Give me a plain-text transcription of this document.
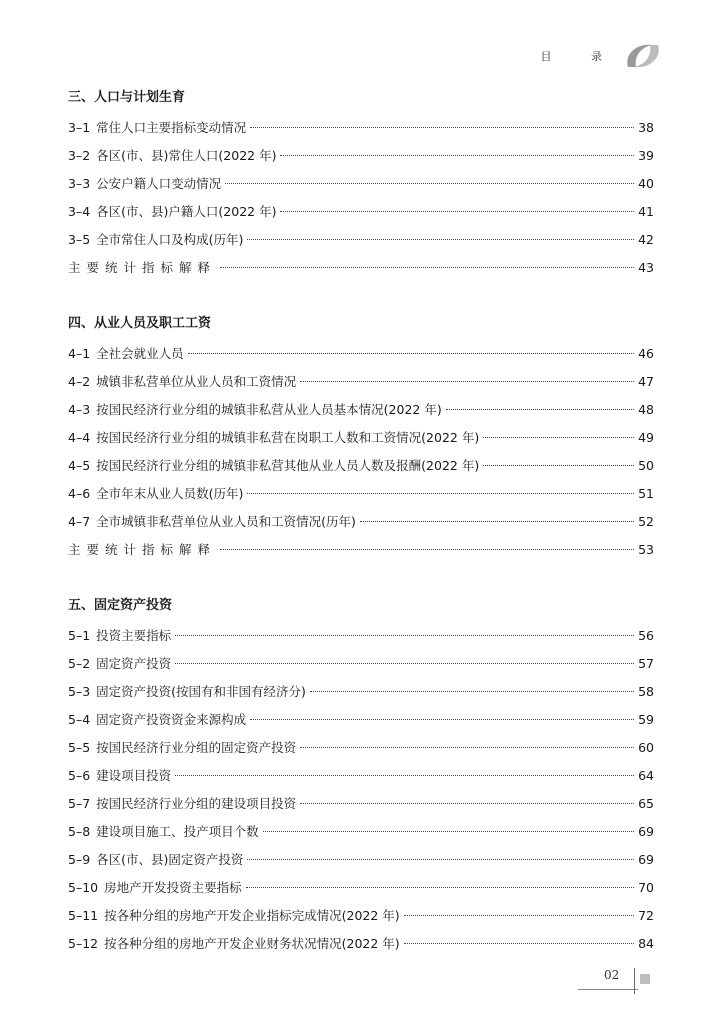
目 录
三、人口与计划生育
3–1 常住人口主要指标变动情况	38
3–2 各区(市、县)常住人口(2022 年)	39
3–3 公安户籍人口变动情况	40
3–4 各区(市、县)户籍人口(2022 年)	41
3–5 全市常住人口及构成(历年)	42
主要统计指标解释	43
四、从业人员及职工工资
4–1 全社会就业人员	46
4–2 城镇非私营单位从业人员和工资情况	47
4–3 按国民经济行业分组的城镇非私营从业人员基本情况(2022 年)	48
4–4 按国民经济行业分组的城镇非私营在岗职工人数和工资情况(2022 年)	49
4–5 按国民经济行业分组的城镇非私营其他从业人员人数及报酬(2022 年)	50
4–6 全市年末从业人员数(历年)	51
4–7 全市城镇非私营单位从业人员和工资情况(历年)	52
主要统计指标解释	53
五、固定资产投资
5–1 投资主要指标	56
5–2 固定资产投资	57
5–3 固定资产投资(按国有和非国有经济分)	58
5–4 固定资产投资资金来源构成	59
5–5 按国民经济行业分组的固定资产投资	60
5–6 建设项目投资	64
5–7 按国民经济行业分组的建设项目投资	65
5–8 建设项目施工、投产项目个数	69
5–9 各区(市、县)固定资产投资	69
5–10 房地产开发投资主要指标	70
5–11 按各种分组的房地产开发企业指标完成情况(2022 年)	72
5–12 按各种分组的房地产开发企业财务状况情况(2022 年)	84
02
